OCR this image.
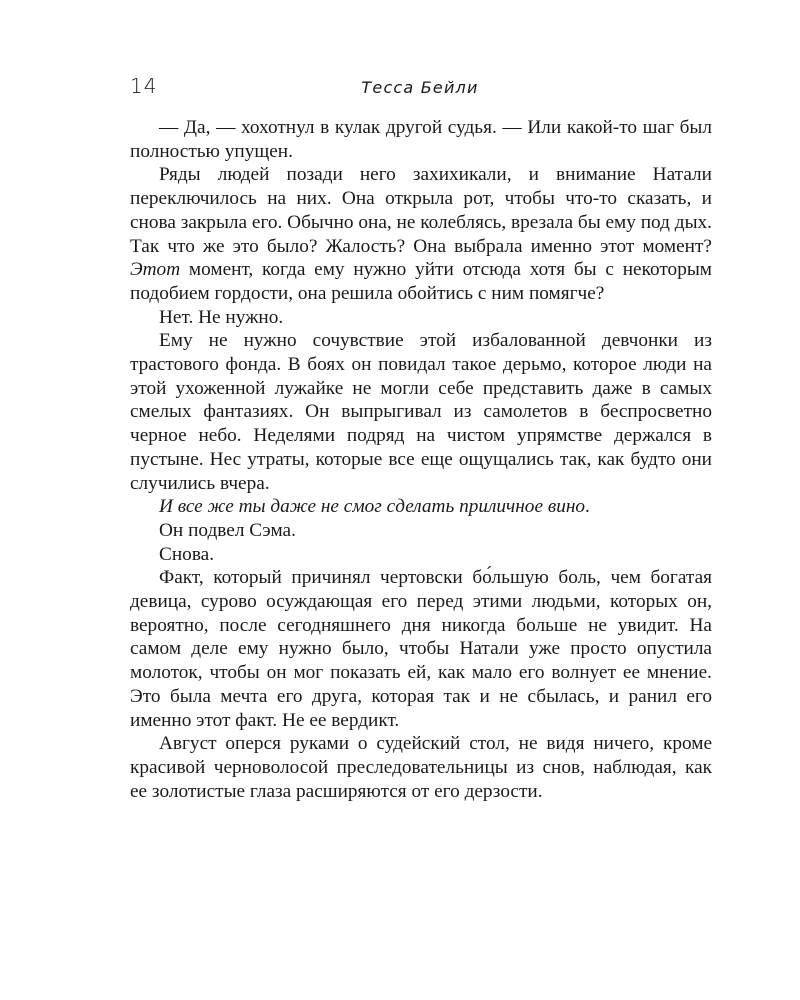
14	Тесса Бейли

— Да, — хохотнул в кулак другой судья. — Или какой-то шаг был полностью упущен.

Ряды людей позади него захихикали, и внимание Натали переключилось на них. Она открыла рот, чтобы что-то сказать, и снова закрыла его. Обычно она, не колеблясь, врезала бы ему под дых. Так что же это было? Жалость? Она выбрала именно этот момент? Этот момент, когда ему нужно уйти отсюда хотя бы с некоторым подобием гордости, она решила обойтись с ним помягче?

Нет. Не нужно.

Ему не нужно сочувствие этой избалованной девчонки из трастового фонда. В боях он повидал такое дерьмо, которое люди на этой ухоженной лужайке не могли себе представить даже в самых смелых фантазиях. Он выпрыгивал из самолетов в беспросветно черное небо. Неделями подряд на чистом упрямстве держался в пустыне. Нес утраты, которые все еще ощущались так, как будто они случились вчера.

И все же ты даже не смог сделать приличное вино.

Он подвел Сэма.

Снова.

Факт, который причинял чертовски бо́льшую боль, чем богатая девица, сурово осуждающая его перед этими людьми, которых он, вероятно, после сегодняшнего дня никогда больше не увидит. На самом деле ему нужно было, чтобы Натали уже просто опустила молоток, чтобы он мог показать ей, как мало его волнует ее мнение. Это была мечта его друга, которая так и не сбылась, и ранил его именно этот факт. Не ее вердикт.

Август оперся руками о судейский стол, не видя ничего, кроме красивой черноволосой преследовательницы из снов, наблюдая, как ее золотистые глаза расширяются от его дерзости.
